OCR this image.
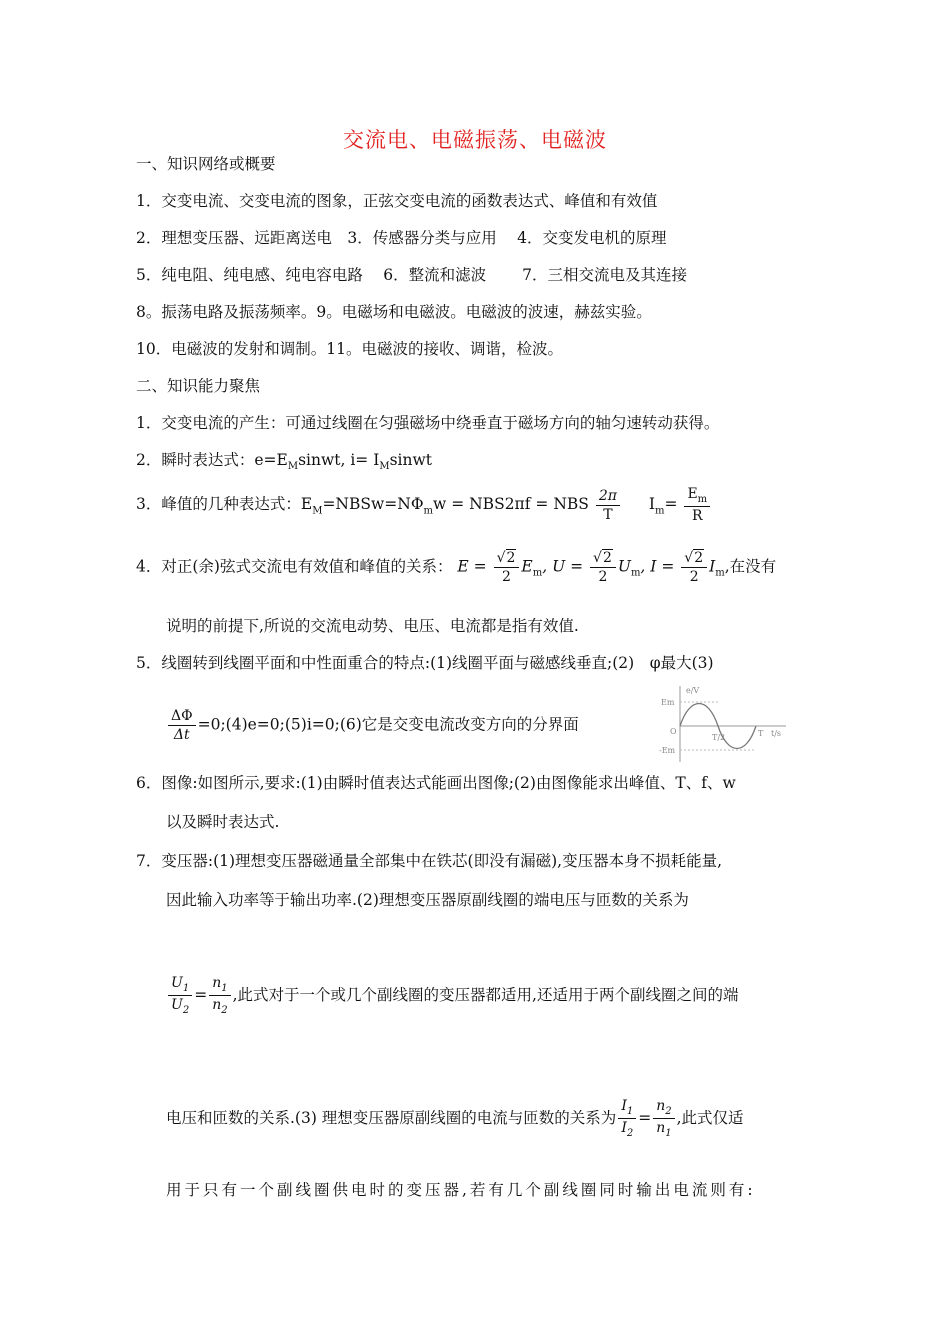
交流电、电磁振荡、电磁波
一、知识网络或概要
1．交变电流、交变电流的图象，正弦交变电流的函数表达式、峰值和有效值
2．理想变压器、远距离送电　3．传感器分类与应用　 4．交变发电机的原理
5．纯电阻、纯电感、纯电容电路　 6．整流和滤波　　 7．三相交流电及其连接
8。振荡电路及振荡频率。9。电磁场和电磁波。电磁波的波速，赫兹实验。
10．电磁波的发射和调制。11。电磁波的接收、调谐，检波。
二、知识能力聚焦
1．交变电流的产生：可通过线圈在匀强磁场中绕垂直于磁场方向的轴匀速转动获得。
2．瞬时表达式：$e=E_Msinwt$, $i= I_Msinwt$
3．峰值的几种表达式：$E_M=NBSw=N\Phi_mw = NBS2\pi f$ = NBS $\frac{2\pi}{T} I_m= \frac{E_m}{R}$
4．对正(余)弦式交流电有效值和峰值的关系： $E = \frac{√2}{2} E_m$, $U = \frac{√2}{2} U_m$, $I = \frac{√2}{2} I_m$,在没有
说明的前提下,所说的交流电动势、电压、电流都是指有效值.
5．线圈转到线圈平面和中性面重合的特点:(1)线圈平面与磁感线垂直;(2)　φ最大(3)
$\frac{\Delta\Phi}{\Delta t}$ =0;(4)e=0;(5)i=0;(6)它是交变电流改变方向的分界面
e/V
Em
-Em
O
T/2	T t/s
6．图像:如图所示,要求:(1)由瞬时值表达式能画出图像;(2)由图像能求出峰值、T、f、w
以及瞬时表达式.
7．变压器:(1)理想变压器磁通量全部集中在铁芯(即没有漏磁),变压器本身不损耗能量,
因此输入功率等于输出功率.(2)理想变压器原副线圈的端电压与匝数的关系为
$\frac{U_1}{U_2} = \frac{n_1}{n_2}$ ,此式对于一个或几个副线圈的变压器都适用,还适用于两个副线圈之间的端
电压和匝数的关系.(3) 理想变压器原副线圈的电流与匝数的关系为 $\frac{I_1}{I_2} = \frac{n_2}{n_1}$ ,此式仅适
用于只有一个副线圈供电时的变压器,若有几个副线圈同时输出电流则有:
